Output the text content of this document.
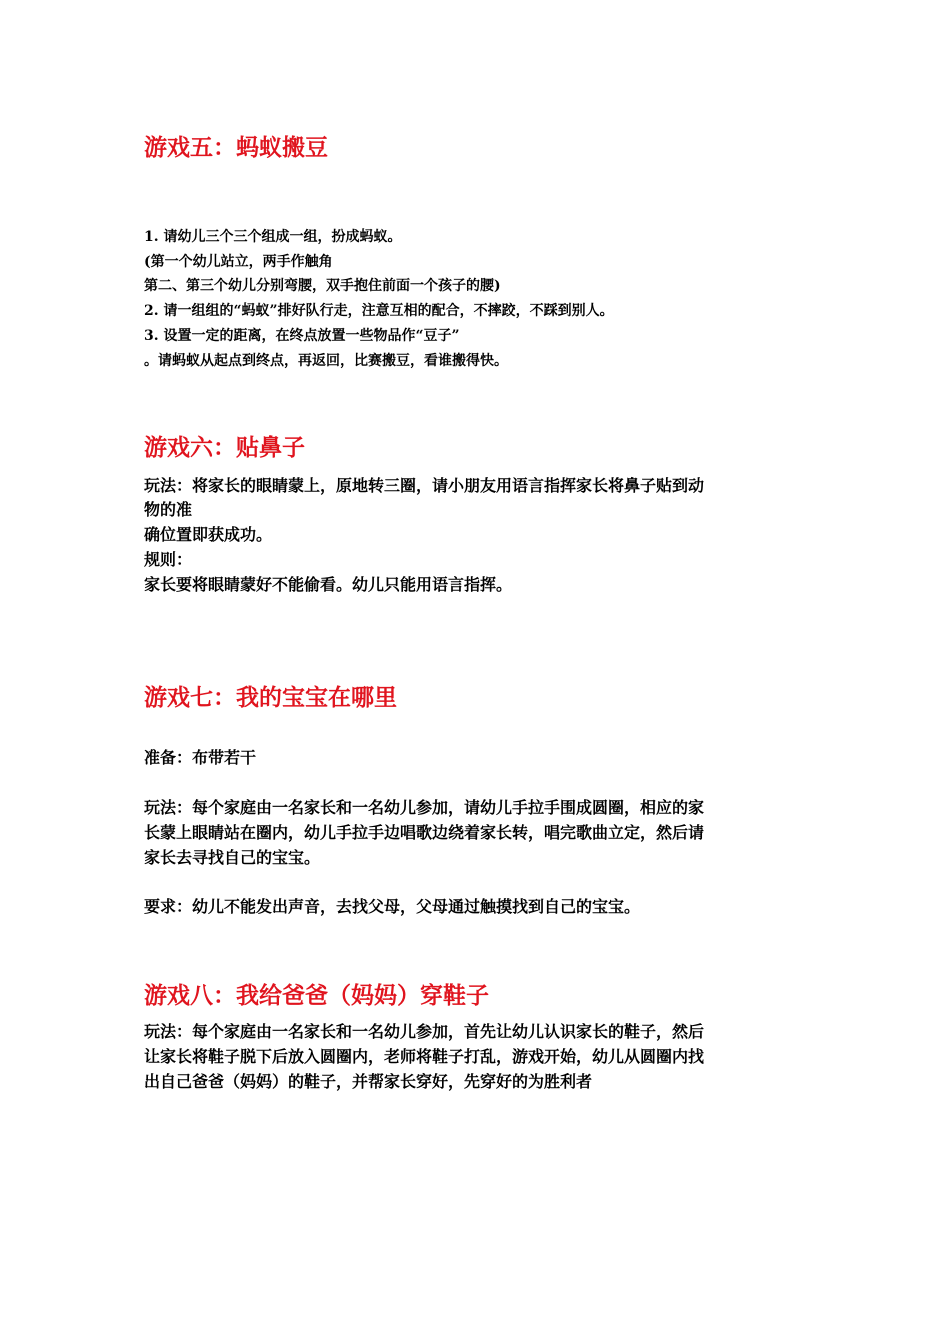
游戏五：蚂蚁搬豆

1. 请幼儿三个三个组成一组，扮成蚂蚁。

(第一个幼儿站立，两手作触角

第二、第三个幼儿分别弯腰，双手抱住前面一个孩子的腰)

2. 请一组组的“蚂蚁”排好队行走，注意互相的配合，不摔跤，不踩到别人。

3. 设置一定的距离，在终点放置一些物品作“豆子”

。请蚂蚁从起点到终点，再返回，比赛搬豆，看谁搬得快。

游戏六：贴鼻子

玩法：将家长的眼睛蒙上，原地转三圈，请小朋友用语言指挥家长将鼻子贴到动

物的准

确位置即获成功。

规则：

家长要将眼睛蒙好不能偷看。幼儿只能用语言指挥。

游戏七：我的宝宝在哪里

准备：布带若干

玩法：每个家庭由一名家长和一名幼儿参加，请幼儿手拉手围成圆圈，相应的家

长蒙上眼睛站在圈内，幼儿手拉手边唱歌边绕着家长转，唱完歌曲立定，然后请

家长去寻找自己的宝宝。

要求：幼儿不能发出声音，去找父母，父母通过触摸找到自己的宝宝。

游戏八：我给爸爸（妈妈）穿鞋子

玩法：每个家庭由一名家长和一名幼儿参加，首先让幼儿认识家长的鞋子，然后

让家长将鞋子脱下后放入圆圈内，老师将鞋子打乱，游戏开始，幼儿从圆圈内找

出自己爸爸（妈妈）的鞋子，并帮家长穿好，先穿好的为胜利者
